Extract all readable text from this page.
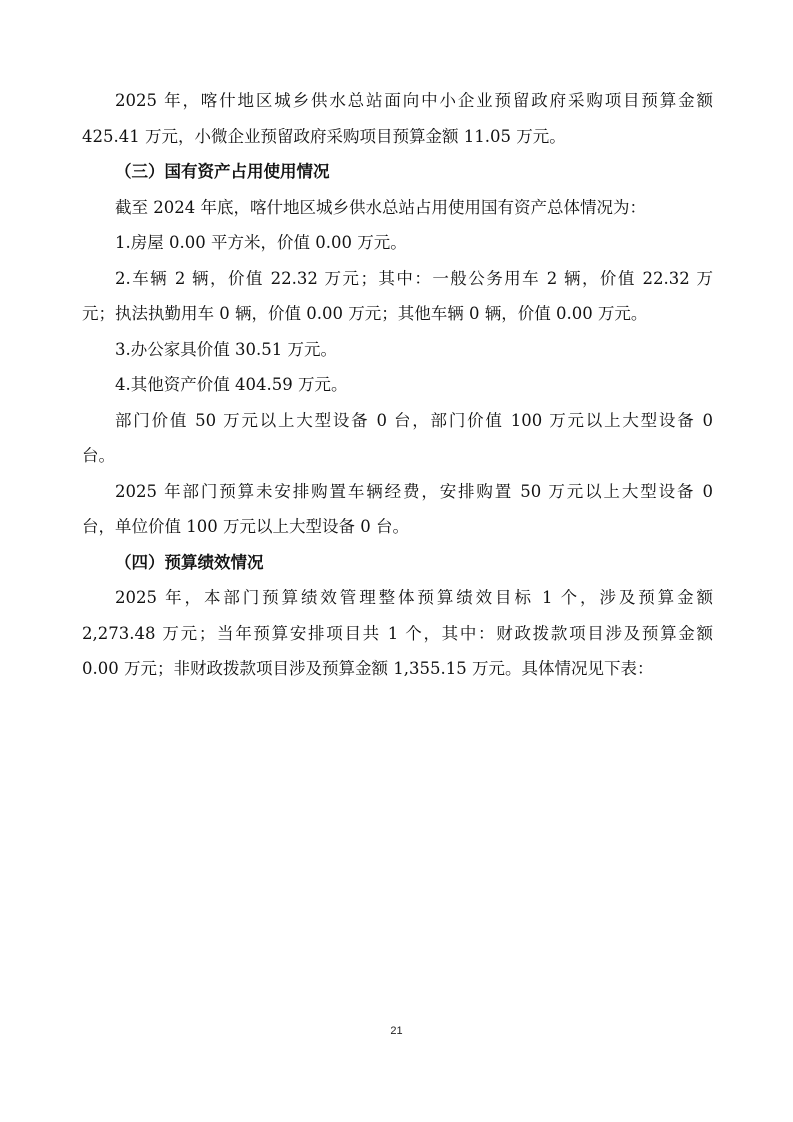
2025 年，喀什地区城乡供水总站面向中小企业预留政府采购项目预算金额
425.41 万元，小微企业预留政府采购项目预算金额 11.05 万元。
（三）国有资产占用使用情况
截至 2024 年底，喀什地区城乡供水总站占用使用国有资产总体情况为：
1.房屋 0.00 平方米，价值 0.00 万元。
2.车辆 2 辆，价值 22.32 万元；其中：一般公务用车 2 辆，价值 22.32 万
元；执法执勤用车 0 辆，价值 0.00 万元；其他车辆 0 辆，价值 0.00 万元。
3.办公家具价值 30.51 万元。
4.其他资产价值 404.59 万元。
部门价值 50 万元以上大型设备 0 台，部门价值 100 万元以上大型设备 0
台。
2025 年部门预算未安排购置车辆经费，安排购置 50 万元以上大型设备 0
台，单位价值 100 万元以上大型设备 0 台。
（四）预算绩效情况
2025 年，本部门预算绩效管理整体预算绩效目标 1 个，涉及预算金额
2,273.48 万元；当年预算安排项目共 1 个，其中：财政拨款项目涉及预算金额
0.00 万元；非财政拨款项目涉及预算金额 1,355.15 万元。具体情况见下表：
21
